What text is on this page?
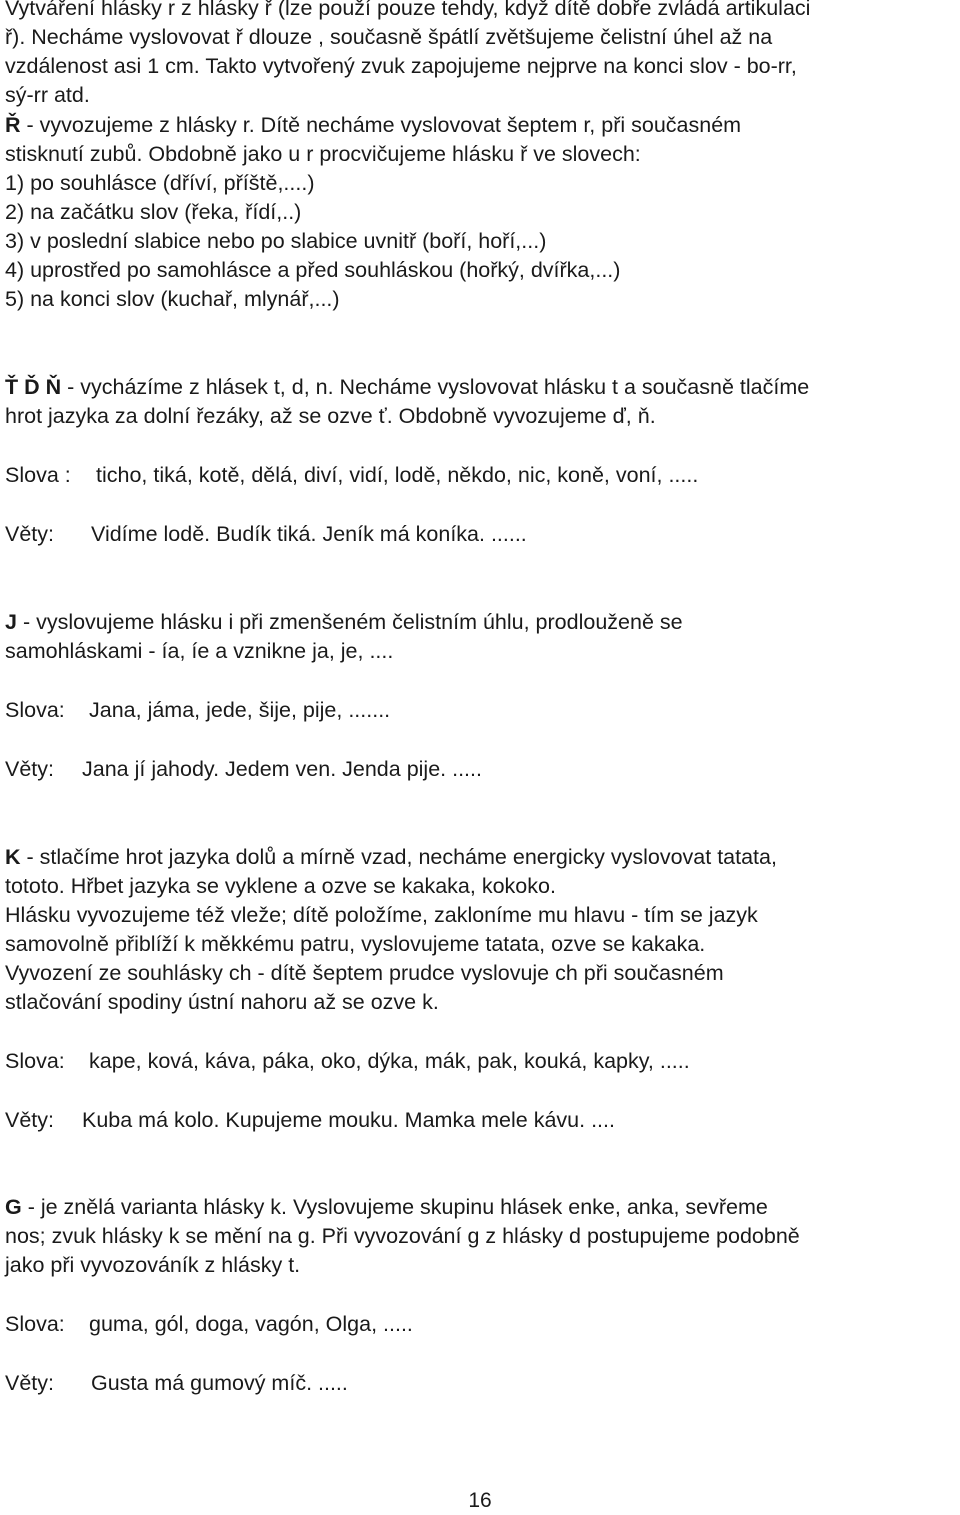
Vytváření hlásky r z hlásky ř (lze použí pouze tehdy, když dítě dobře zvládá artikulaci
ř). Necháme vyslovovat ř dlouze , současně špátlí zvětšujeme čelistní úhel až na
vzdálenost asi 1 cm. Takto vytvořený zvuk zapojujeme nejprve na konci slov - bo-rr,
sý-rr atd.
Ř - vyvozujeme z hlásky r. Dítě necháme vyslovovat šeptem r, při současném
stisknutí zubů. Obdobně jako u r procvičujeme hlásku ř ve slovech:
1) po souhlásce (dříví, příště,....)
2) na začátku slov (řeka, řídí,..)
3) v poslední slabice nebo po slabice uvnitř (boří, hoří,...)
4) uprostřed po samohlásce a před souhláskou (hořký, dvířka,...)
5) na konci slov (kuchař, mlynář,...)
Ť Ď Ň - vycházíme z hlásek t, d, n. Necháme vyslovovat hlásku t a současně tlačíme
hrot jazyka za dolní řezáky, až se ozve ť. Obdobně vyvozujeme ď, ň.
Slova : ticho, tiká, kotě, dělá, diví, vidí, lodě, někdo, nic, koně, voní, .....
Věty: Vidíme lodě. Budík tiká. Jeník má koníka. ......
J - vyslovujeme hlásku i při zmenšeném čelistním úhlu, prodlouženě se
samohláskami - ía, íe a vznikne ja, je, ....
Slova: Jana, jáma, jede, šije, pije, .......
Věty: Jana jí jahody. Jedem ven. Jenda pije. .....
K - stlačíme hrot jazyka dolů a mírně vzad, necháme energicky vyslovovat tatata,
tototo. Hřbet jazyka se vyklene a ozve se kakaka, kokoko.
Hlásku vyvozujeme též vleže; dítě položíme, zakloníme mu hlavu - tím se jazyk
samovolně přiblíží k měkkému patru, vyslovujeme tatata, ozve se kakaka.
Vyvození ze souhlásky ch - dítě šeptem prudce vyslovuje ch při současném
stlačování spodiny ústní nahoru až se ozve k.
Slova: kape, ková, káva, páka, oko, dýka, mák, pak, kouká, kapky, .....
Věty: Kuba má kolo. Kupujeme mouku. Mamka mele kávu. ....
G - je znělá varianta hlásky k. Vyslovujeme skupinu hlásek enke, anka, sevřeme
nos; zvuk hlásky k se mění na g. Při vyvozování g z hlásky d postupujeme podobně
jako při vyvozováník z hlásky t.
Slova: guma, gól, doga, vagón, Olga, .....
Věty: Gusta má gumový míč. .....
16
